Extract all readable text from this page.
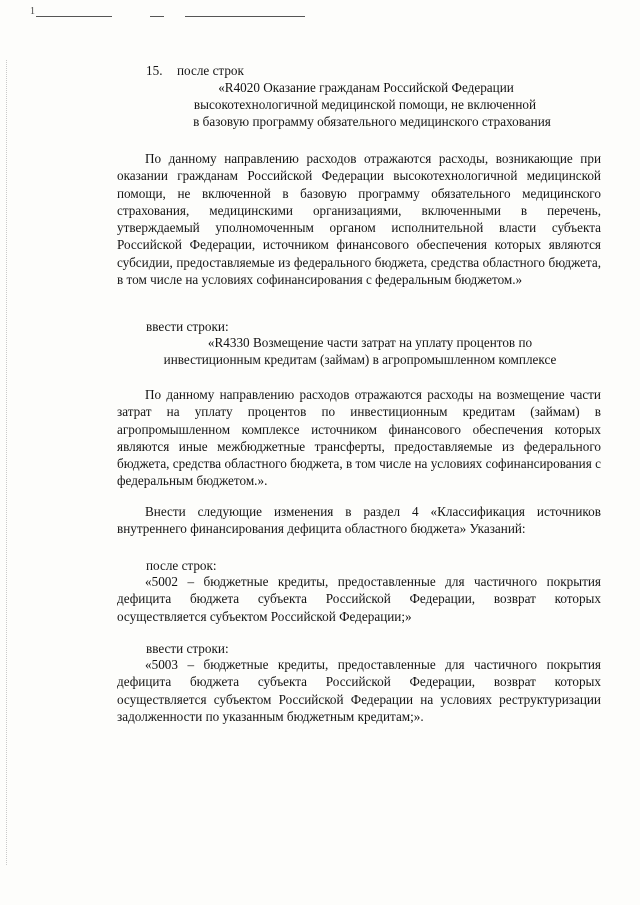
1

15. после строк

«R4020 Оказание гражданам Российской Федерации

высокотехнологичной медицинской помощи, не включенной

в базовую программу обязательного медицинского страхования

По данному направлению расходов отражаются расходы, возникающие при оказании гражданам Российской Федерации высокотехнологичной медицинской помощи, не включенной в базовую программу обязательного медицинского страхования, медицинскими организациями, включенными в перечень, утверждаемый уполномоченным органом исполнительной власти субъекта Российской Федерации, источником финансового обеспечения которых являются субсидии, предоставляемые из федерального бюджета, средства областного бюджета, в том числе на условиях софинансирования с федеральным бюджетом.»

ввести строки:

«R4330 Возмещение части затрат на уплату процентов по

инвестиционным кредитам (займам) в агропромышленном комплексе

По данному направлению расходов отражаются расходы на возмещение части затрат на уплату процентов по инвестиционным кредитам (займам) в агропромышленном комплексе источником финансового обеспечения которых являются иные межбюджетные трансферты, предоставляемые из федерального бюджета, средства областного бюджета, в том числе на условиях софинансирования с федеральным бюджетом.».

Внести следующие изменения в раздел 4 «Классификация источников внутреннего финансирования дефицита областного бюджета» Указаний:

после строк:

«5002 – бюджетные кредиты, предоставленные для частичного покрытия дефицита бюджета субъекта Российской Федерации, возврат которых осуществляется субъектом Российской Федерации;»

ввести строки:

«5003 – бюджетные кредиты, предоставленные для частичного покрытия дефицита бюджета субъекта Российской Федерации, возврат которых осуществляется субъектом Российской Федерации на условиях реструктуризации задолженности по указанным бюджетным кредитам;».
